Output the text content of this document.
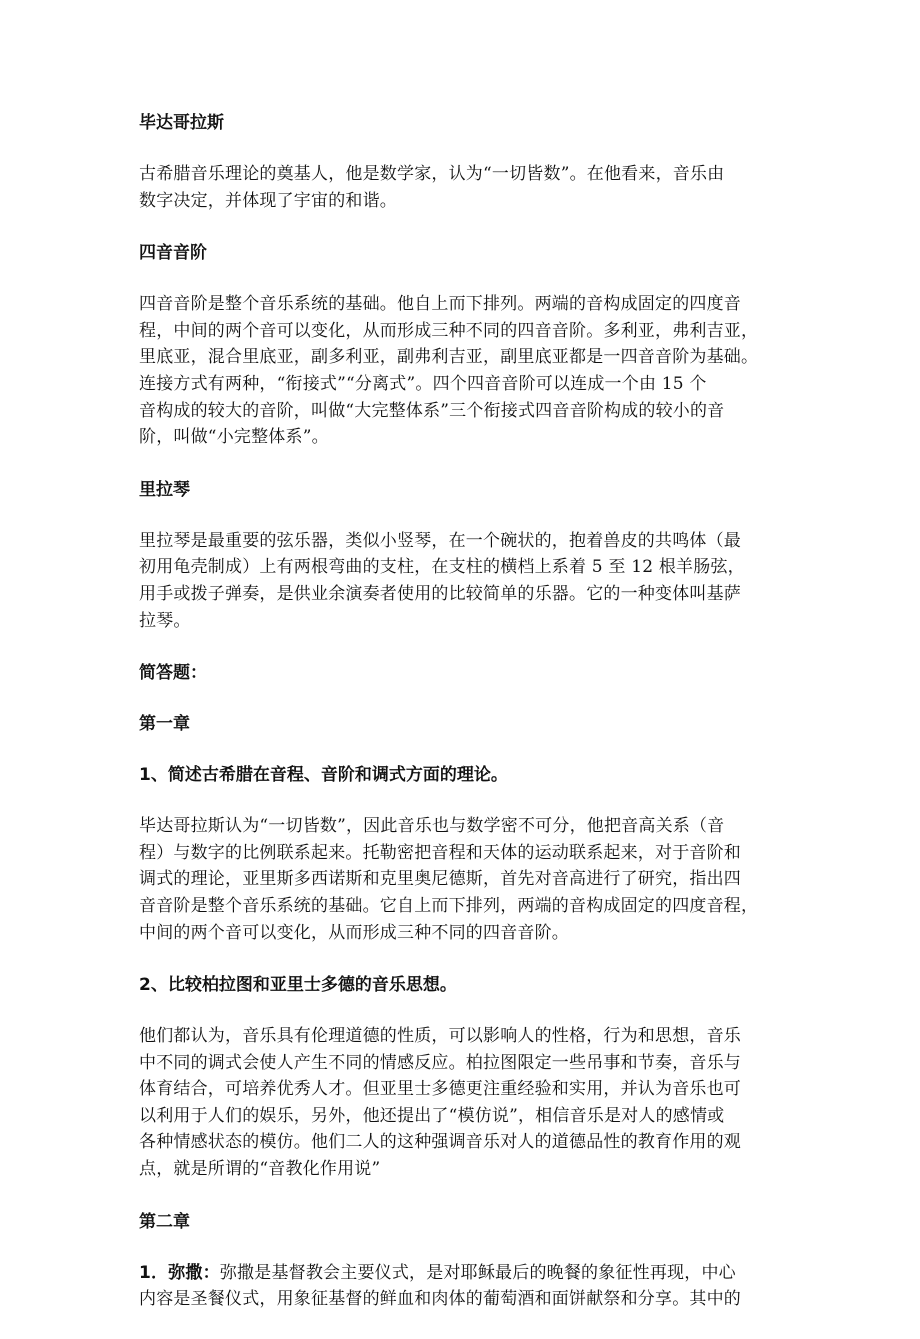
毕达哥拉斯
古希腊音乐理论的奠基人，他是数学家，认为“一切皆数”。在他看来，音乐由
数字决定，并体现了宇宙的和谐。
四音音阶
四音音阶是整个音乐系统的基础。他自上而下排列。两端的音构成固定的四度音
程，中间的两个音可以变化，从而形成三种不同的四音音阶。多利亚，弗利吉亚，
里底亚，混合里底亚，副多利亚，副弗利吉亚，副里底亚都是一四音音阶为基础。
连接方式有两种，“衔接式”“分离式”。四个四音音阶可以连成一个由 15 个
音构成的较大的音阶，叫做“大完整体系”三个衔接式四音音阶构成的较小的音
阶，叫做“小完整体系”。
里拉琴
里拉琴是最重要的弦乐器，类似小竖琴，在一个碗状的，抱着兽皮的共鸣体（最
初用龟壳制成）上有两根弯曲的支柱，在支柱的横档上系着 5 至 12 根羊肠弦，
用手或拨子弹奏，是供业余演奏者使用的比较简单的乐器。它的一种变体叫基萨
拉琴。
简答题：
第一章
1、简述古希腊在音程、音阶和调式方面的理论。
毕达哥拉斯认为“一切皆数”，因此音乐也与数学密不可分，他把音高关系（音
程）与数字的比例联系起来。托勒密把音程和天体的运动联系起来，对于音阶和
调式的理论，亚里斯多西诺斯和克里奥尼德斯，首先对音高进行了研究，指出四
音音阶是整个音乐系统的基础。它自上而下排列，两端的音构成固定的四度音程，
中间的两个音可以变化，从而形成三种不同的四音音阶。
2、比较柏拉图和亚里士多德的音乐思想。
他们都认为，音乐具有伦理道德的性质，可以影响人的性格，行为和思想，音乐
中不同的调式会使人产生不同的情感反应。柏拉图限定一些吊事和节奏，音乐与
体育结合，可培养优秀人才。但亚里士多德更注重经验和实用，并认为音乐也可
以利用于人们的娱乐，另外，他还提出了“模仿说”，相信音乐是对人的感情或
各种情感状态的模仿。他们二人的这种强调音乐对人的道德品性的教育作用的观
点，就是所谓的“音教化作用说”
第二章
1．弥撒：弥撒是基督教会主要仪式，是对耶稣最后的晚餐的象征性再现，中心
内容是圣餐仪式，用象征基督的鲜血和肉体的葡萄酒和面饼献祭和分享。其中的
